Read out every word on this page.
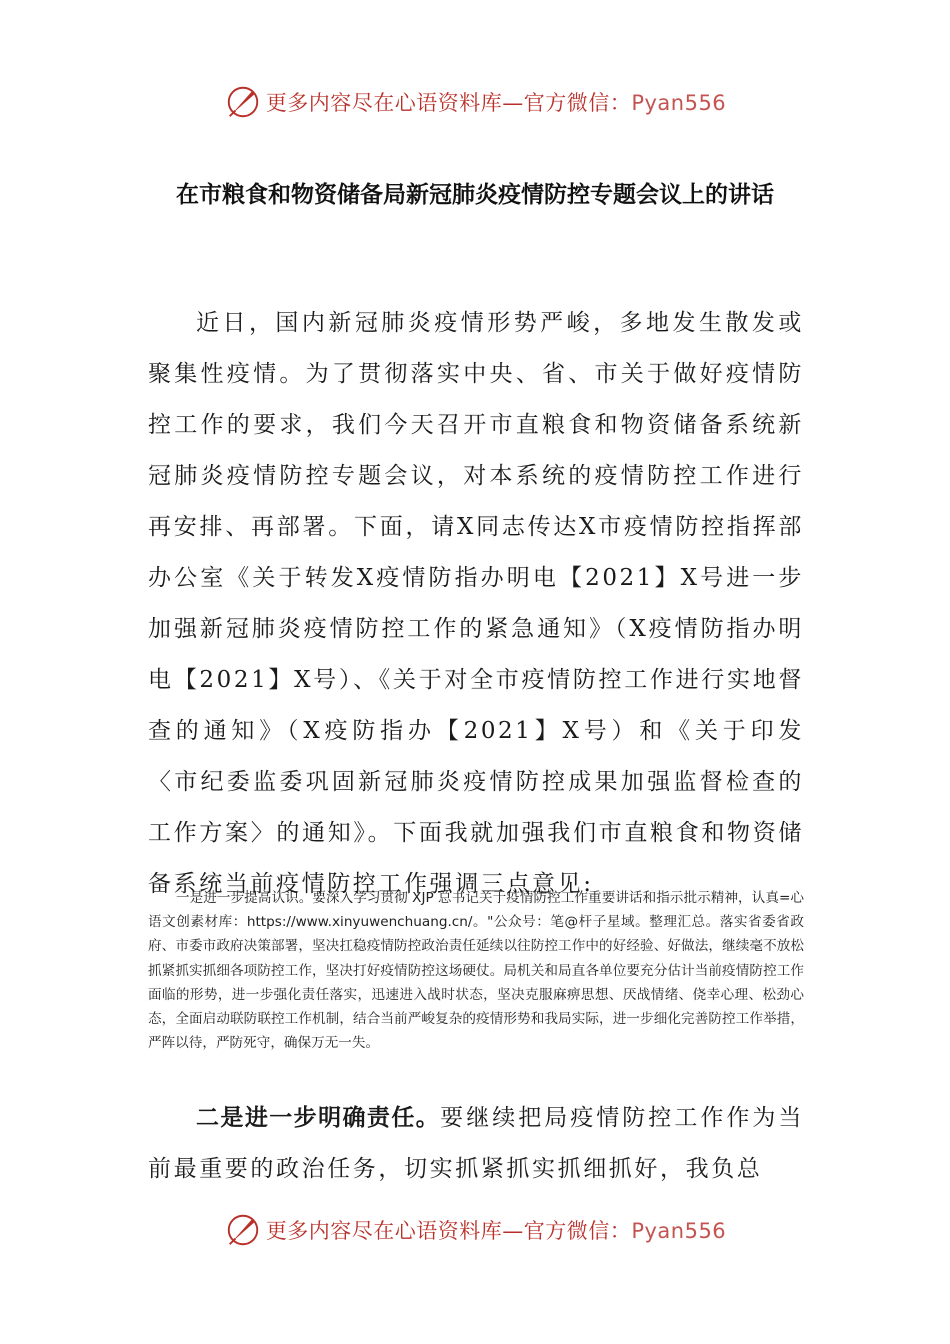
更多内容尽在心语资料库—官方微信：Pyan556
在市粮食和物资储备局新冠肺炎疫情防控专题会议上的讲话

近日，国内新冠肺炎疫情形势严峻，多地发生散发或聚集性疫情。为了贯彻落实中央、省、市关于做好疫情防控工作的要求，我们今天召开市直粮食和物资储备系统新冠肺炎疫情防控专题会议，对本系统的疫情防控工作进行再安排、再部署。下面，请X同志传达X市疫情防控指挥部办公室《关于转发X疫情防指办明电【2021】X号进一步加强新冠肺炎疫情防控工作的紧急通知》（X疫情防指办明电【2021】X号）、《关于对全市疫情防控工作进行实地督查的通知》（X疫防指办【2021】X号）和《关于印发〈市纪委监委巩固新冠肺炎疫情防控成果加强监督检查的工作方案〉的通知》。下面我就加强我们市直粮食和物资储备系统当前疫情防控工作强调三点意见:

一是进一步提高认识。要深入学习贯彻 XJP 总书记关于疫情防控工作重要讲话和指示批示精神，认真=心语文创素材库：https://www.xinyuwenchuang.cn/。"公众号：笔@杆子星域。整理汇总。落实省委省政府、市委市政府决策部署，坚决扛稳疫情防控政治责任延续以往防控工作中的好经验、好做法，继续毫不放松抓紧抓实抓细各项防控工作，坚决打好疫情防控这场硬仗。局机关和局直各单位要充分估计当前疫情防控工作面临的形势，进一步强化责任落实，迅速进入战时状态，坚决克服麻痹思想、厌战情绪、侥幸心理、松劲心态，全面启动联防联控工作机制，结合当前严峻复杂的疫情形势和我局实际，进一步细化完善防控工作举措，严阵以待，严防死守，确保万无一失。

二是进一步明确责任。要继续把局疫情防控工作作为当前最重要的政治任务，切实抓紧抓实抓细抓好，我负总

更多内容尽在心语资料库—官方微信：Pyan556
